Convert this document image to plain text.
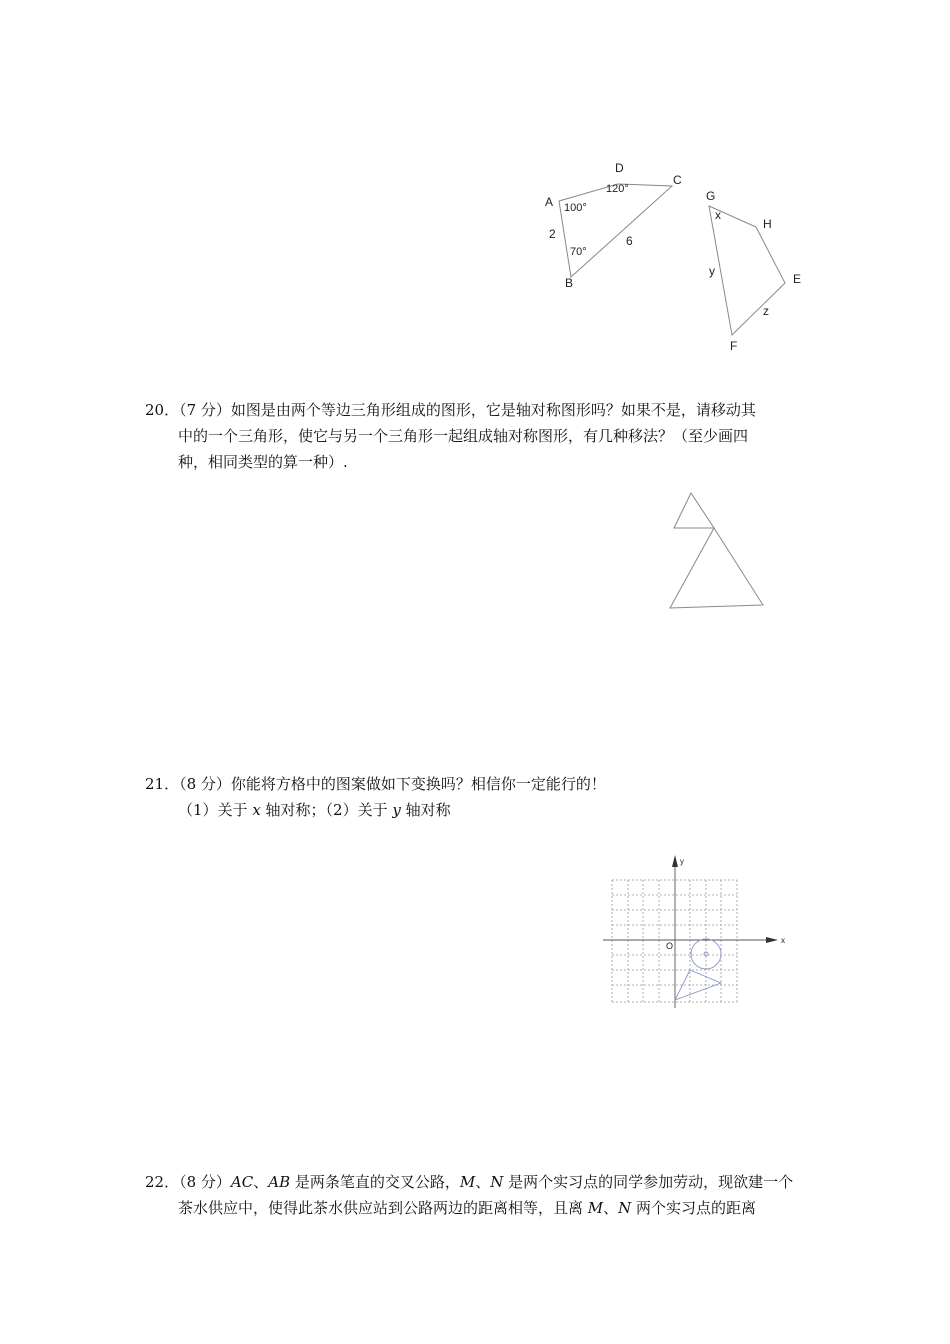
A
B
C
D
G
H
E
F
100°
70°
120°
2	6
x
y
z
20．（7 分）如图是由两个等边三角形组成的图形，它是轴对称图形吗？如果不是，请移动其
中的一个三角形，使它与另一个三角形一起组成轴对称图形，有几种移法？（至少画四
种，相同类型的算一种）.
21．（8 分）你能将方格中的图案做如下变换吗？相信你一定能行的！
（1）关于 x 轴对称；（2）关于 y 轴对称
x
y
O
22．（8 分）AC、AB 是两条笔直的交叉公路，M、N 是两个实习点的同学参加劳动，现欲建一个
茶水供应中，使得此茶水供应站到公路两边的距离相等，且离 M、N 两个实习点的距离
